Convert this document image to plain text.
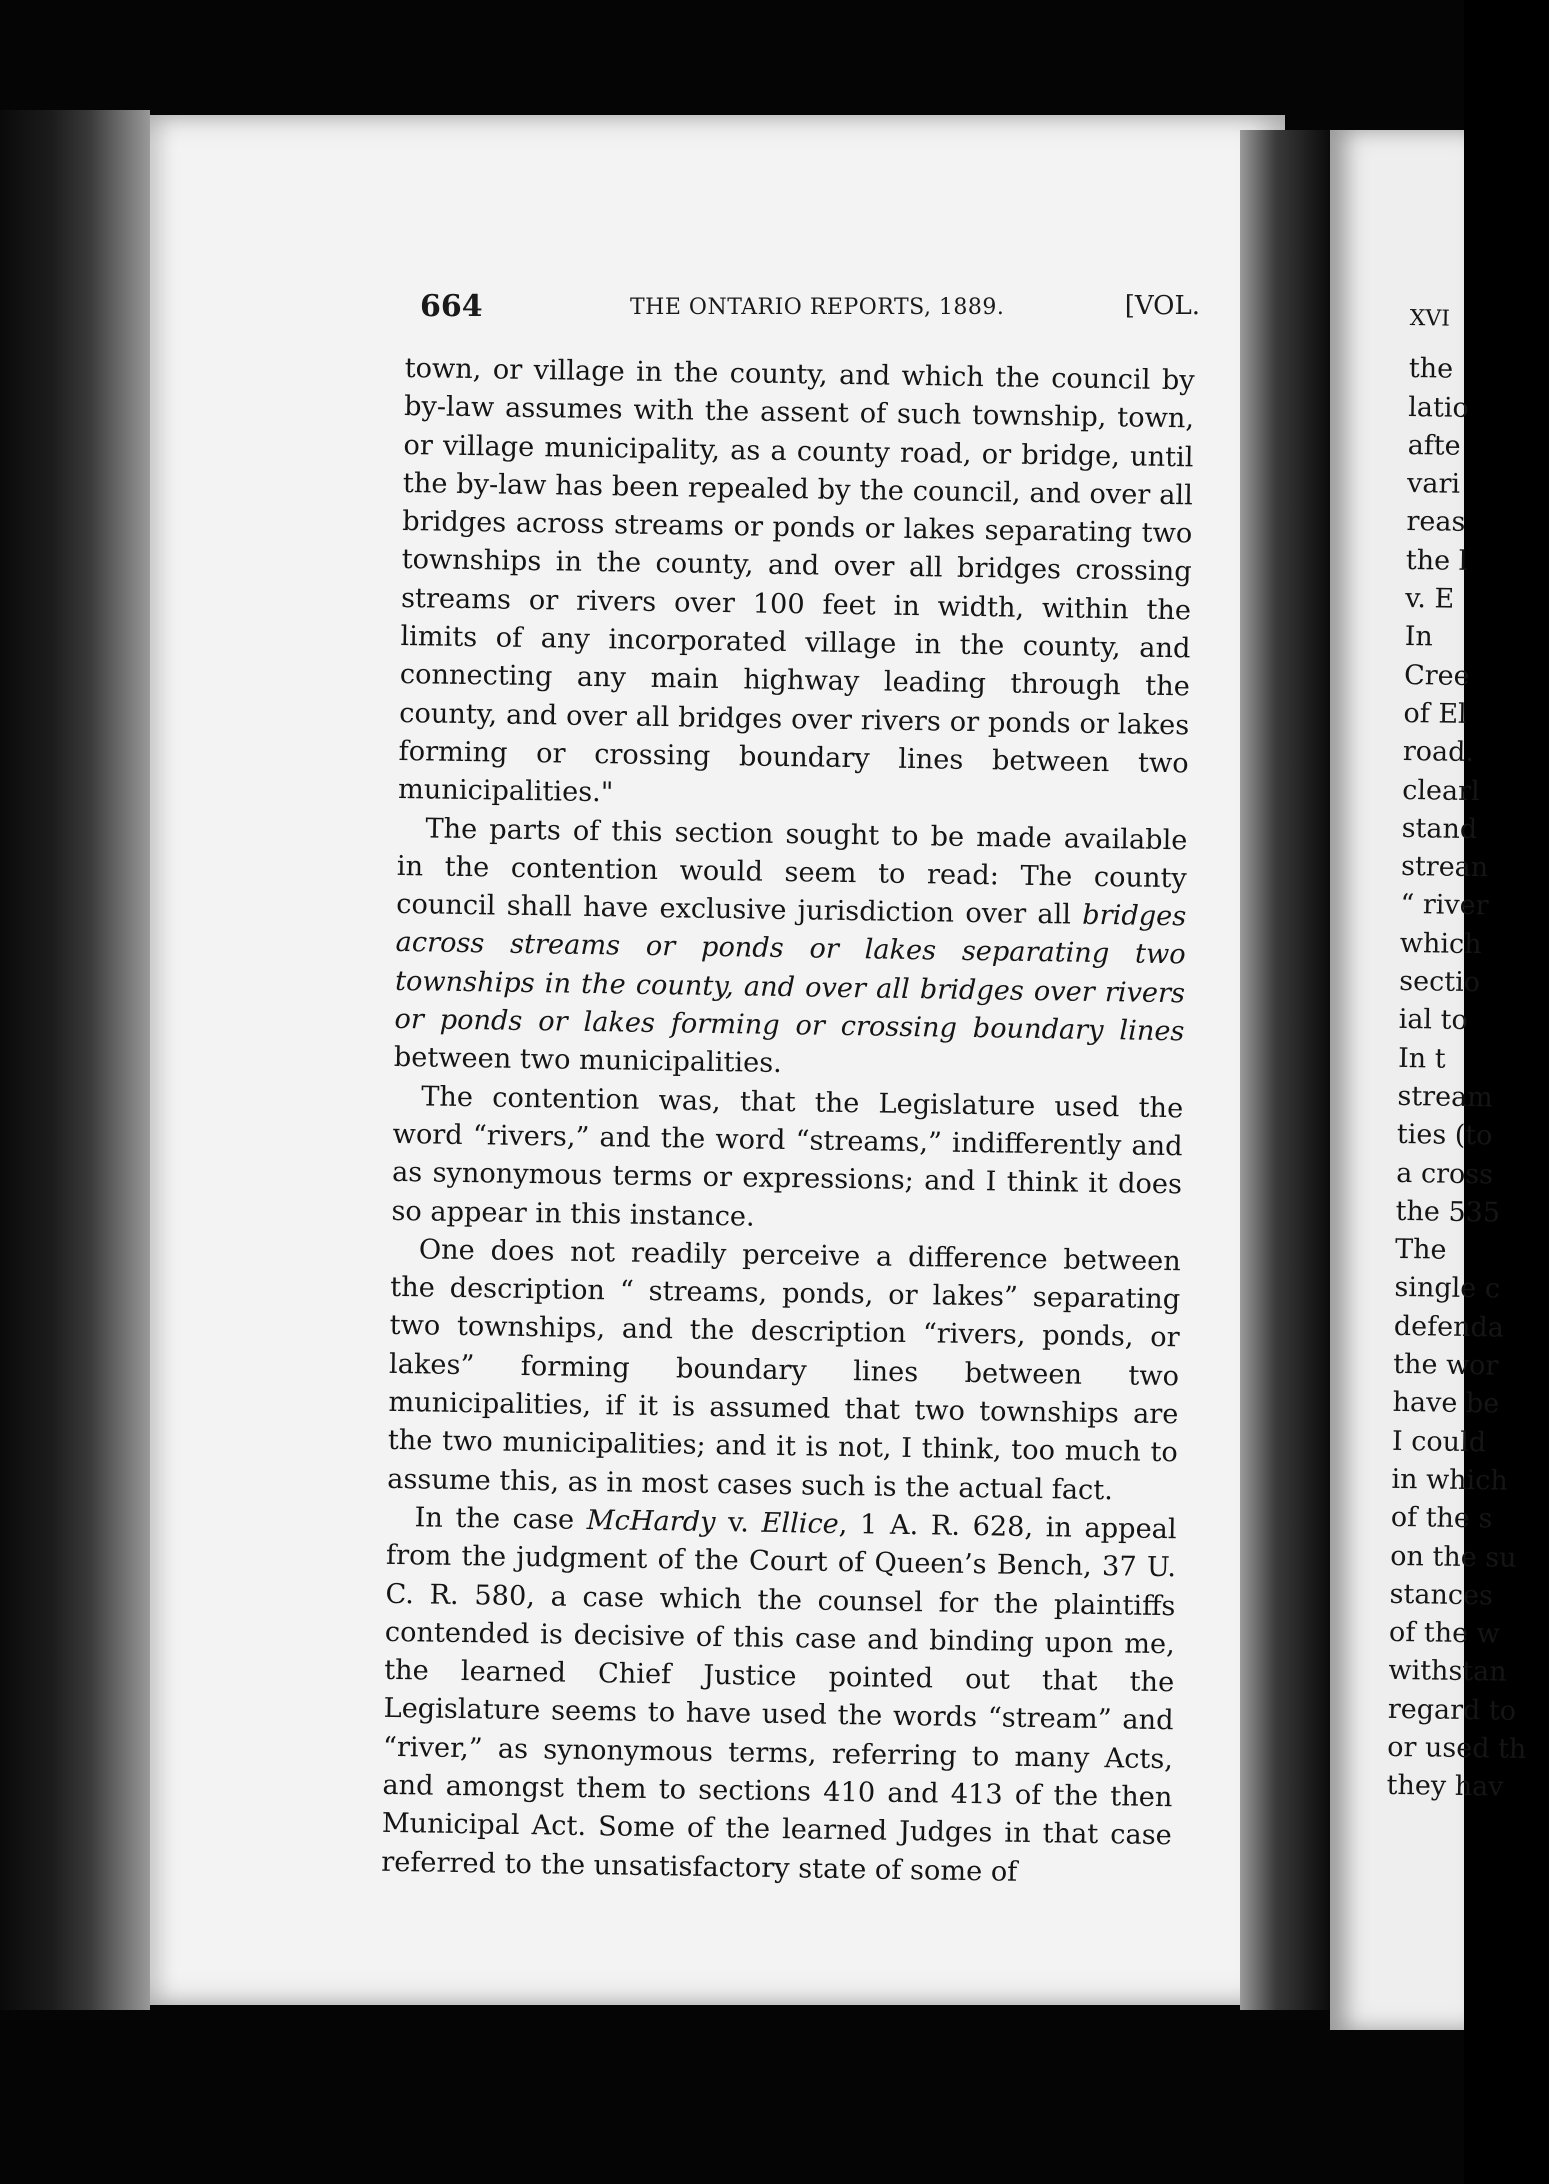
664	THE ONTARIO REPORTS, 1889.	[VOL.

town, or village in the county, and which the council by by-law assumes with the assent of such township, town, or village municipality, as a county road, or bridge, until the by-law has been repealed by the council, and over all bridges across streams or ponds or lakes separating two townships in the county, and over all bridges crossing streams or rivers over 100 feet in width, within the limits of any incorporated village in the county, and connecting any main highway leading through the county, and over all bridges over rivers or ponds or lakes forming or crossing boundary lines between two municipalities."

The parts of this section sought to be made available in the contention would seem to read: The county council shall have exclusive jurisdiction over all bridges across streams or ponds or lakes separating two townships in the county, and over all bridges over rivers or ponds or lakes forming or crossing boundary lines between two municipalities.

The contention was, that the Legislature used the word “rivers,” and the word “streams,” indifferently and as synonymous terms or expressions; and I think it does so appear in this instance.

One does not readily perceive a difference between the description “ streams, ponds, or lakes” separating two townships, and the description “rivers, ponds, or lakes” forming boundary lines between two municipalities, if it is assumed that two townships are the two municipalities; and it is not, I think, too much to assume this, as in most cases such is the actual fact.

In the case McHardy v. Ellice, 1 A. R. 628, in appeal from the judgment of the Court of Queen’s Bench, 37 U. C. R. 580, a case which the counsel for the plaintiffs contended is decisive of this case and binding upon me, the learned Chief Justice pointed out that the Legislature seems to have used the words “stream” and “river,” as synonymous terms, referring to many Acts, and amongst them to sections 410 and 413 of the then Municipal Act. Some of the learned Judges in that case referred to the unsatisfactory state of some of

XVI
the
latio
afte
vari
reas
the l
v. E
In
Cree
of El
road.
clearl
stand
strean
“ river
which
sectio
ial to
In t
stream
ties (to
a cross
the 535
The
single c
defenda
the wor
have be
I could
in which
of the s
on the su
stances
of the w
withstan
regard to
or used th
they hav
